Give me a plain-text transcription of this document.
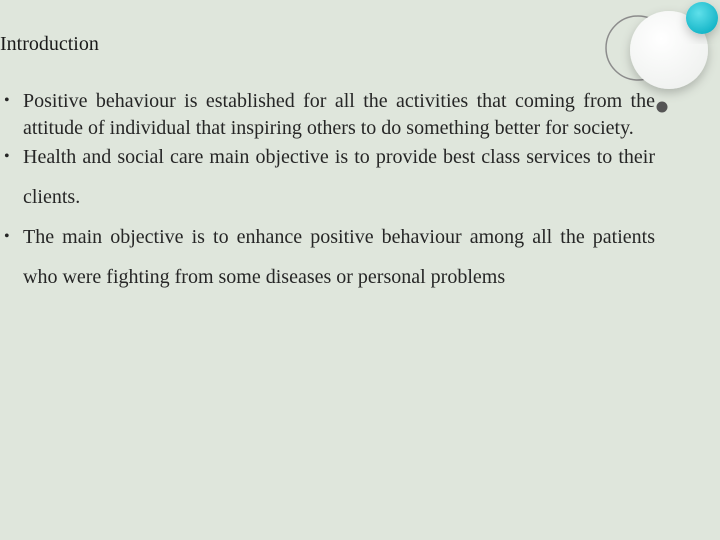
Introduction
• Positive behaviour is established for all the activities that coming from the attitude of individual that inspiring others to do something better for society.
• Health and social care main objective is to provide best class services to their clients.
• The main objective is to enhance positive behaviour among all the patients who were fighting from some diseases or personal problems
